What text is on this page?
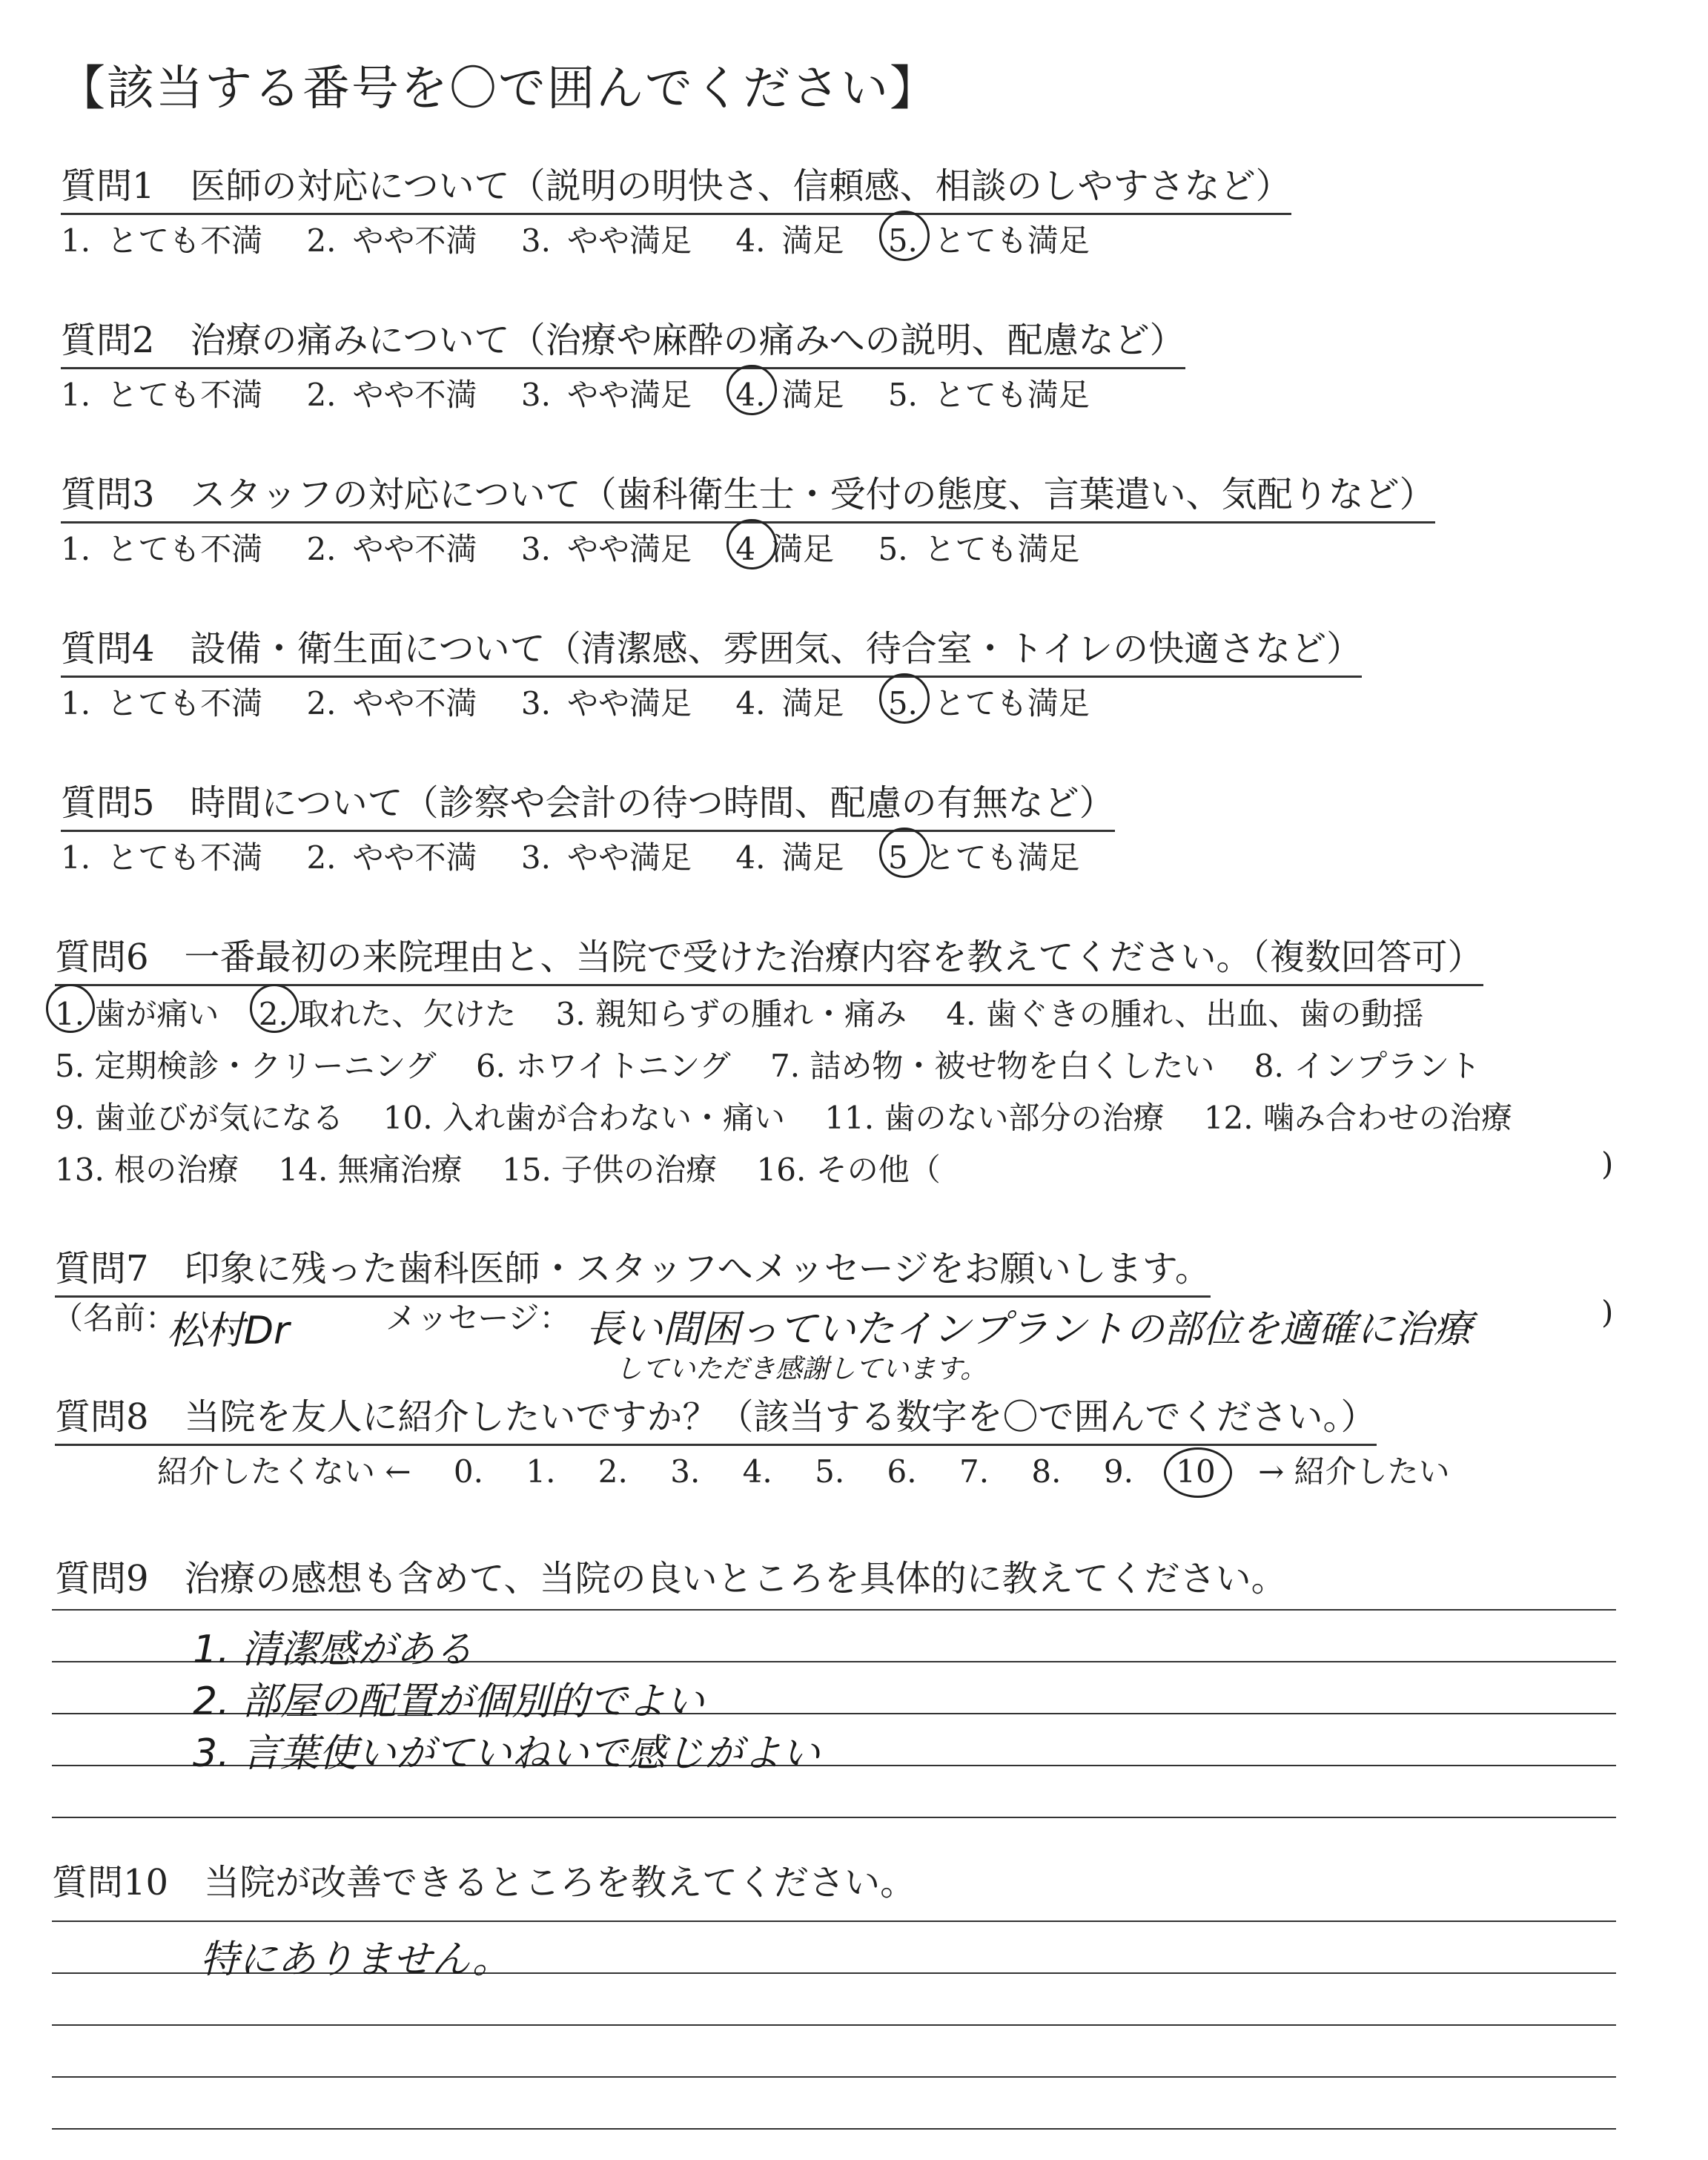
【該当する番号を〇で囲んでください】
質問1　医師の対応について（説明の明快さ、信頼感、相談のしやすさなど）
1. とても不満 2. やや不満 3. やや満足 4. 満足 5. とても満足
質問2　治療の痛みについて（治療や麻酔の痛みへの説明、配慮など）
1. とても不満 2. やや不満 3. やや満足 4. 満足 5. とても満足
質問3　スタッフの対応について（歯科衛生士・受付の態度、言葉遣い、気配りなど）
1. とても不満 2. やや不満 3. やや満足 4 満足 5. とても満足
質問4　設備・衛生面について（清潔感、雰囲気、待合室・トイレの快適さなど）
1. とても不満 2. やや不満 3. やや満足 4. 満足 5. とても満足
質問5　時間について（診察や会計の待つ時間、配慮の有無など）
1. とても不満 2. やや不満 3. やや満足 4. 満足 5 とても満足
質問6　一番最初の来院理由と、当院で受けた治療内容を教えてください。（複数回答可）
1. 歯が痛い 2. 取れた、欠けた 3. 親知らずの腫れ・痛み 4. 歯ぐきの腫れ、出血、歯の動揺
5. 定期検診・クリーニング 6. ホワイトニング 7. 詰め物・被せ物を白くしたい 8. インプラント
9. 歯並びが気になる 10. 入れ歯が合わない・痛い 11. 歯のない部分の治療 12. 噛み合わせの治療
13. 根の治療 14. 無痛治療 15. 子供の治療 16. その他（	)
質問7　印象に残った歯科医師・スタッフへメッセージをお願いします。
（名前：
松村Dr	メッセージ： 長い間困っていたインプラントの部位を適確に治療
していただき感謝しています。
)
質問8　当院を友人に紹介したいですか？（該当する数字を〇で囲んでください。）
紹介したくない ← 0. 1. 2. 3. 4. 5. 6. 7. 8. 9. 10 → 紹介したい
質問9　治療の感想も含めて、当院の良いところを具体的に教えてください。
1. 清潔感がある
2. 部屋の配置が個別的でよい
3. 言葉使いがていねいで感じがよい
質問10　当院が改善できるところを教えてください。
特にありません。
